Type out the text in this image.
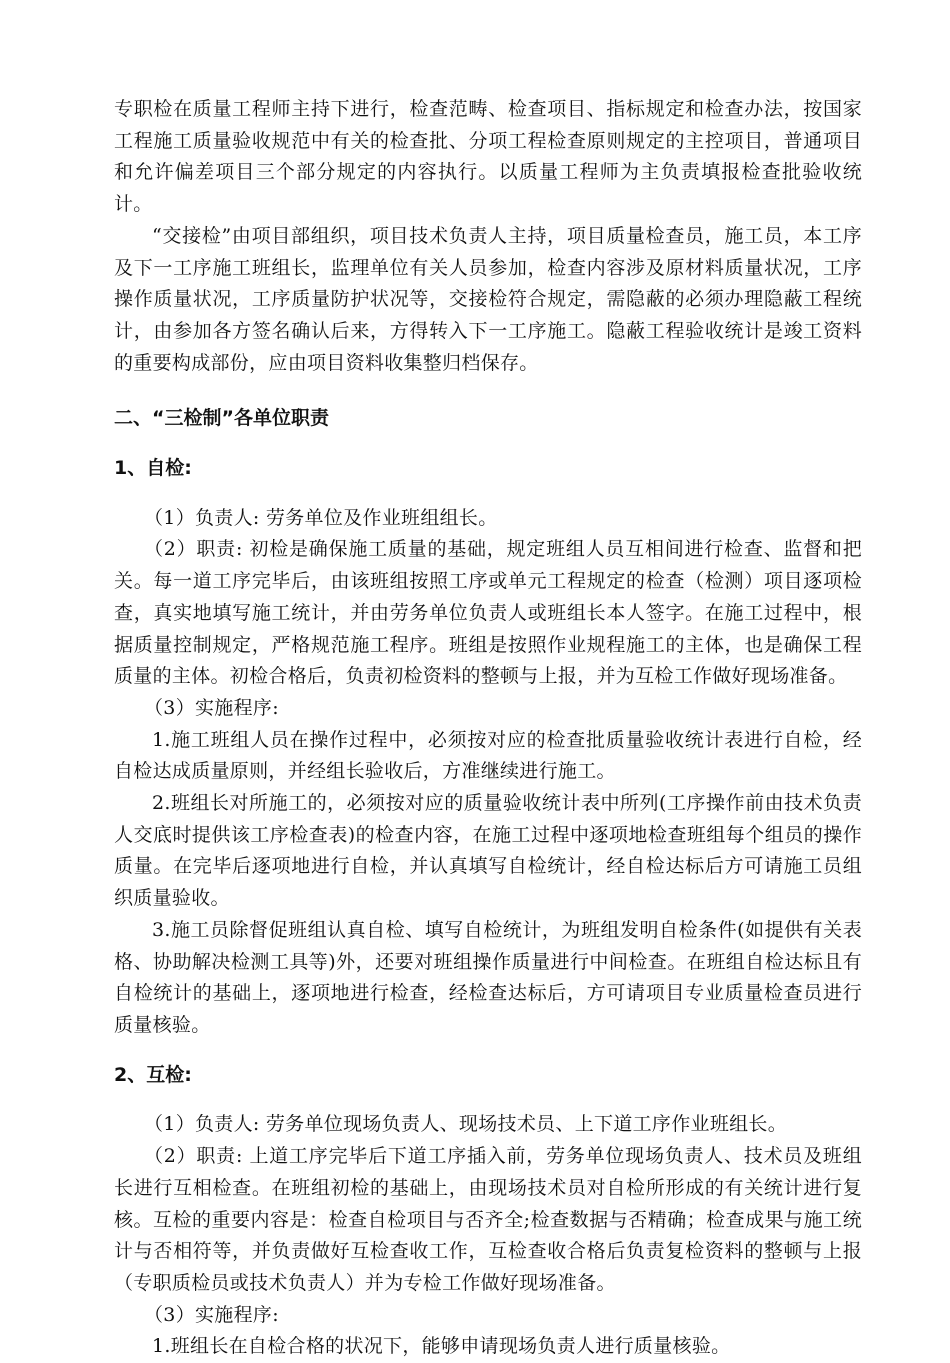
专职检在质量工程师主持下进行，检查范畴、检查项目、指标规定和检查办法，按国家工程施工质量验收规范中有关的检查批、分项工程检查原则规定的主控项目，普通项目和允许偏差项目三个部分规定的内容执行。以质量工程师为主负责填报检查批验收统计。

“交接检”由项目部组织，项目技术负责人主持，项目质量检查员，施工员，本工序及下一工序施工班组长，监理单位有关人员参加，检查内容涉及原材料质量状况，工序操作质量状况，工序质量防护状况等，交接检符合规定，需隐蔽的必须办理隐蔽工程统计，由参加各方签名确认后来，方得转入下一工序施工。隐蔽工程验收统计是竣工资料的重要构成部份，应由项目资料收集整归档保存。

二、“三检制”各单位职责
1、自检:

（1）负责人: 劳务单位及作业班组组长。

（2）职责: 初检是确保施工质量的基础，规定班组人员互相间进行检查、监督和把关。每一道工序完毕后，由该班组按照工序或单元工程规定的检查（检测）项目逐项检查，真实地填写施工统计，并由劳务单位负责人或班组长本人签字。在施工过程中，根据质量控制规定，严格规范施工程序。班组是按照作业规程施工的主体，也是确保工程质量的主体。初检合格后，负责初检资料的整顿与上报，并为互检工作做好现场准备。

（3）实施程序:

1.施工班组人员在操作过程中，必须按对应的检查批质量验收统计表进行自检，经自检达成质量原则，并经组长验收后，方准继续进行施工。

2.班组长对所施工的，必须按对应的质量验收统计表中所列(工序操作前由技术负责人交底时提供该工序检查表)的检查内容，在施工过程中逐项地检查班组每个组员的操作质量。在完毕后逐项地进行自检，并认真填写自检统计，经自检达标后方可请施工员组织质量验收。

3.施工员除督促班组认真自检、填写自检统计，为班组发明自检条件(如提供有关表格、协助解决检测工具等)外，还要对班组操作质量进行中间检查。在班组自检达标且有自检统计的基础上，逐项地进行检查，经检查达标后，方可请项目专业质量检查员进行质量核验。

2、互检:

（1）负责人: 劳务单位现场负责人、现场技术员、上下道工序作业班组长。

（2）职责: 上道工序完毕后下道工序插入前，劳务单位现场负责人、技术员及班组长进行互相检查。在班组初检的基础上，由现场技术员对自检所形成的有关统计进行复核。互检的重要内容是：检查自检项目与否齐全;检查数据与否精确；检查成果与施工统计与否相符等，并负责做好互检查收工作，互检查收合格后负责复检资料的整顿与上报（专职质检员或技术负责人）并为专检工作做好现场准备。

（3）实施程序:

1.班组长在自检合格的状况下，能够申请现场负责人进行质量核验。
